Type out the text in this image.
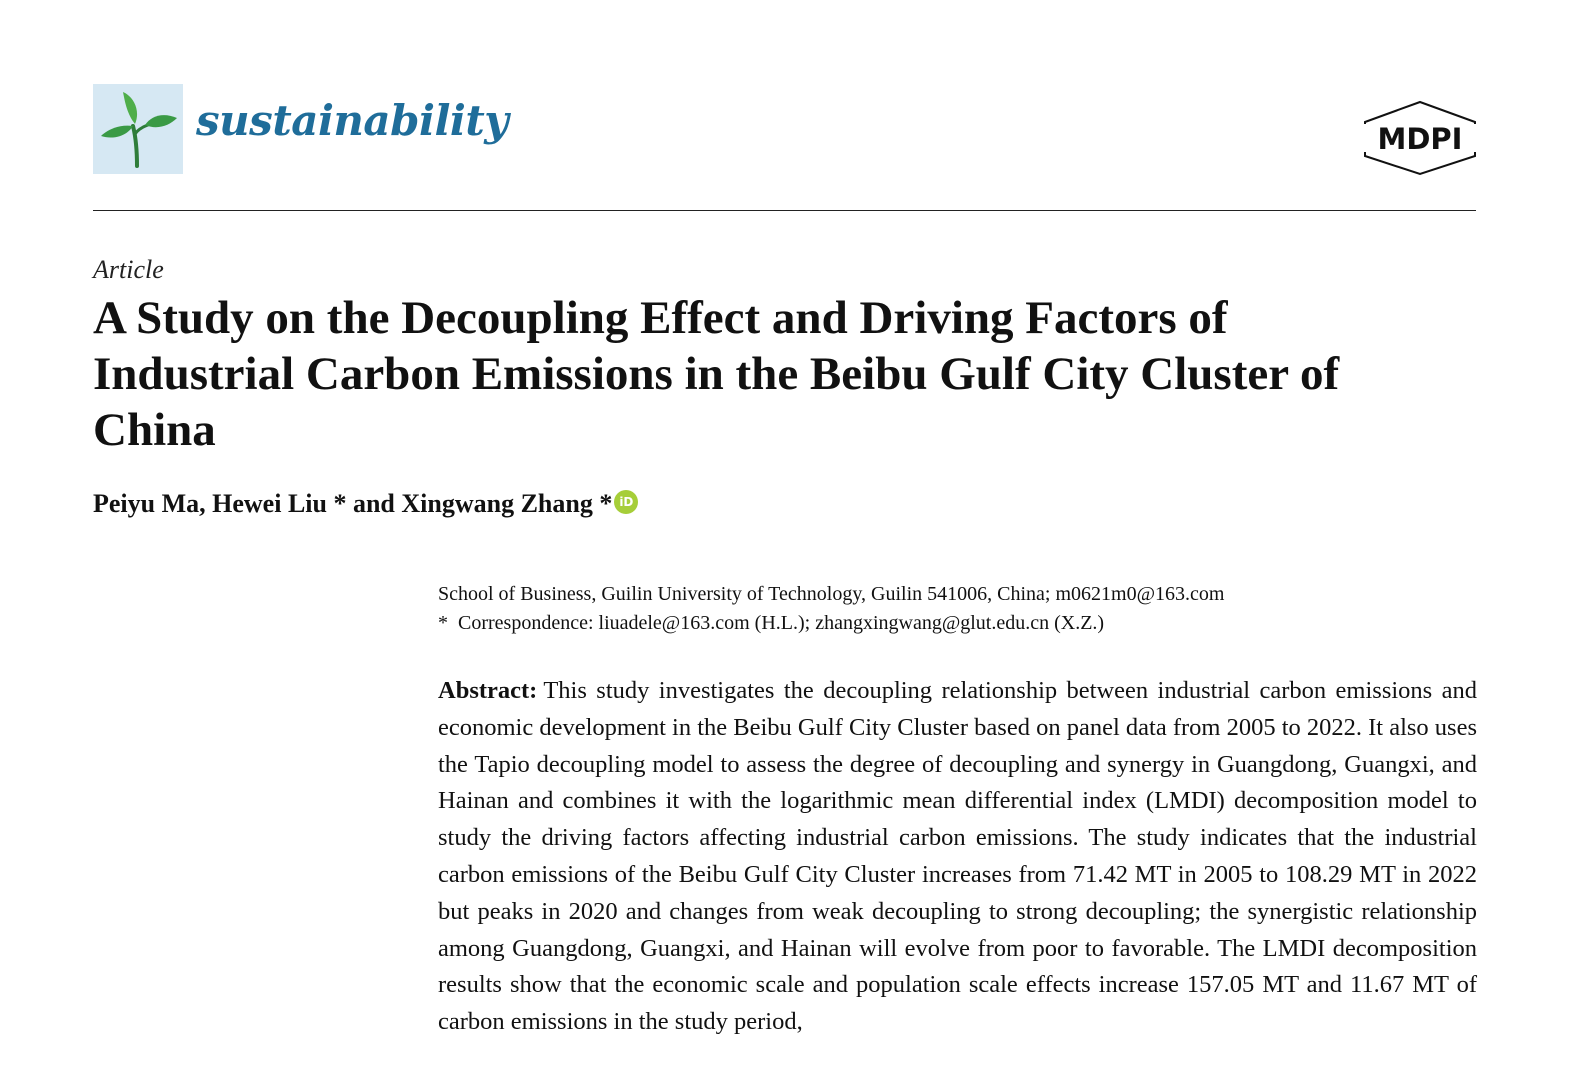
sustainability	MDPI
Article
A Study on the Decoupling Effect and Driving Factors of Industrial Carbon Emissions in the Beibu Gulf City Cluster of China
Peiyu Ma, Hewei Liu * and Xingwang Zhang * iD
School of Business, Guilin University of Technology, Guilin 541006, China; m0621m0@163.com
* Correspondence: liuadele@163.com (H.L.); zhangxingwang@glut.edu.cn (X.Z.)
Abstract: This study investigates the decoupling relationship between industrial carbon emissions and economic development in the Beibu Gulf City Cluster based on panel data from 2005 to 2022. It also uses the Tapio decoupling model to assess the degree of decoupling and synergy in Guangdong, Guangxi, and Hainan and combines it with the logarithmic mean differential index (LMDI) decomposition model to study the driving factors affecting industrial carbon emissions. The study indicates that the industrial carbon emissions of the Beibu Gulf City Cluster increases from 71.42 MT in 2005 to 108.29 MT in 2022 but peaks in 2020 and changes from weak decoupling to strong decoupling; the synergistic relationship among Guangdong, Guangxi, and Hainan will evolve from poor to favorable. The LMDI decomposition results show that the economic scale and population scale effects increase 157.05 MT and 11.67 MT of carbon emissions in the study period,
